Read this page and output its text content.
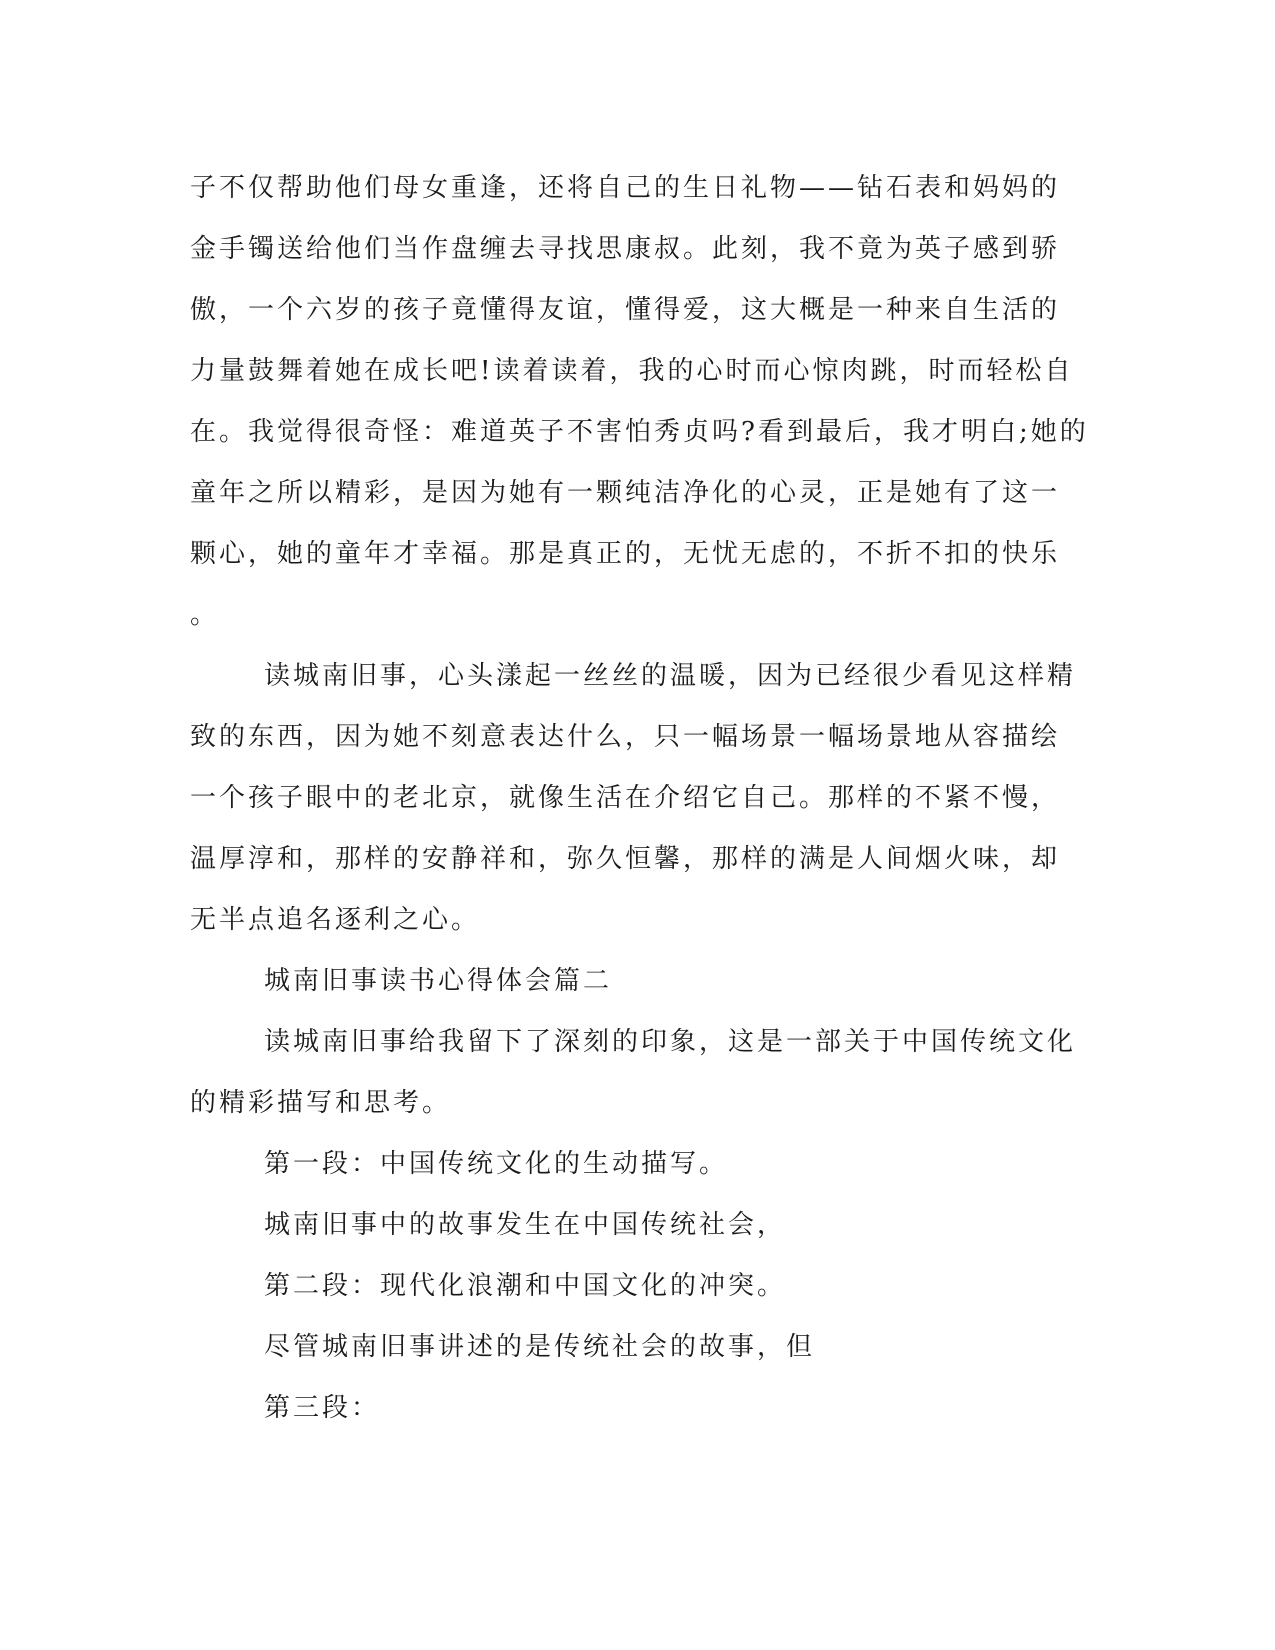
子不仅帮助他们母女重逢，还将自己的生日礼物——钻石表和妈妈的
金手镯送给他们当作盘缠去寻找思康叔。此刻，我不竟为英子感到骄
傲，一个六岁的孩子竟懂得友谊，懂得爱，这大概是一种来自生活的
力量鼓舞着她在成长吧!读着读着，我的心时而心惊肉跳，时而轻松自
在。我觉得很奇怪：难道英子不害怕秀贞吗?看到最后，我才明白;她的
童年之所以精彩，是因为她有一颗纯洁净化的心灵，正是她有了这一
颗心，她的童年才幸福。那是真正的，无忧无虑的，不折不扣的快乐
。

读城南旧事，心头漾起一丝丝的温暖，因为已经很少看见这样精
致的东西，因为她不刻意表达什么，只一幅场景一幅场景地从容描绘
一个孩子眼中的老北京，就像生活在介绍它自己。那样的不紧不慢，
温厚淳和，那样的安静祥和，弥久恒馨，那样的满是人间烟火味，却
无半点追名逐利之心。

城南旧事读书心得体会篇二

读城南旧事给我留下了深刻的印象，这是一部关于中国传统文化
的精彩描写和思考。

第一段：中国传统文化的生动描写。

城南旧事中的故事发生在中国传统社会，

第二段：现代化浪潮和中国文化的冲突。

尽管城南旧事讲述的是传统社会的故事，但

第三段：
